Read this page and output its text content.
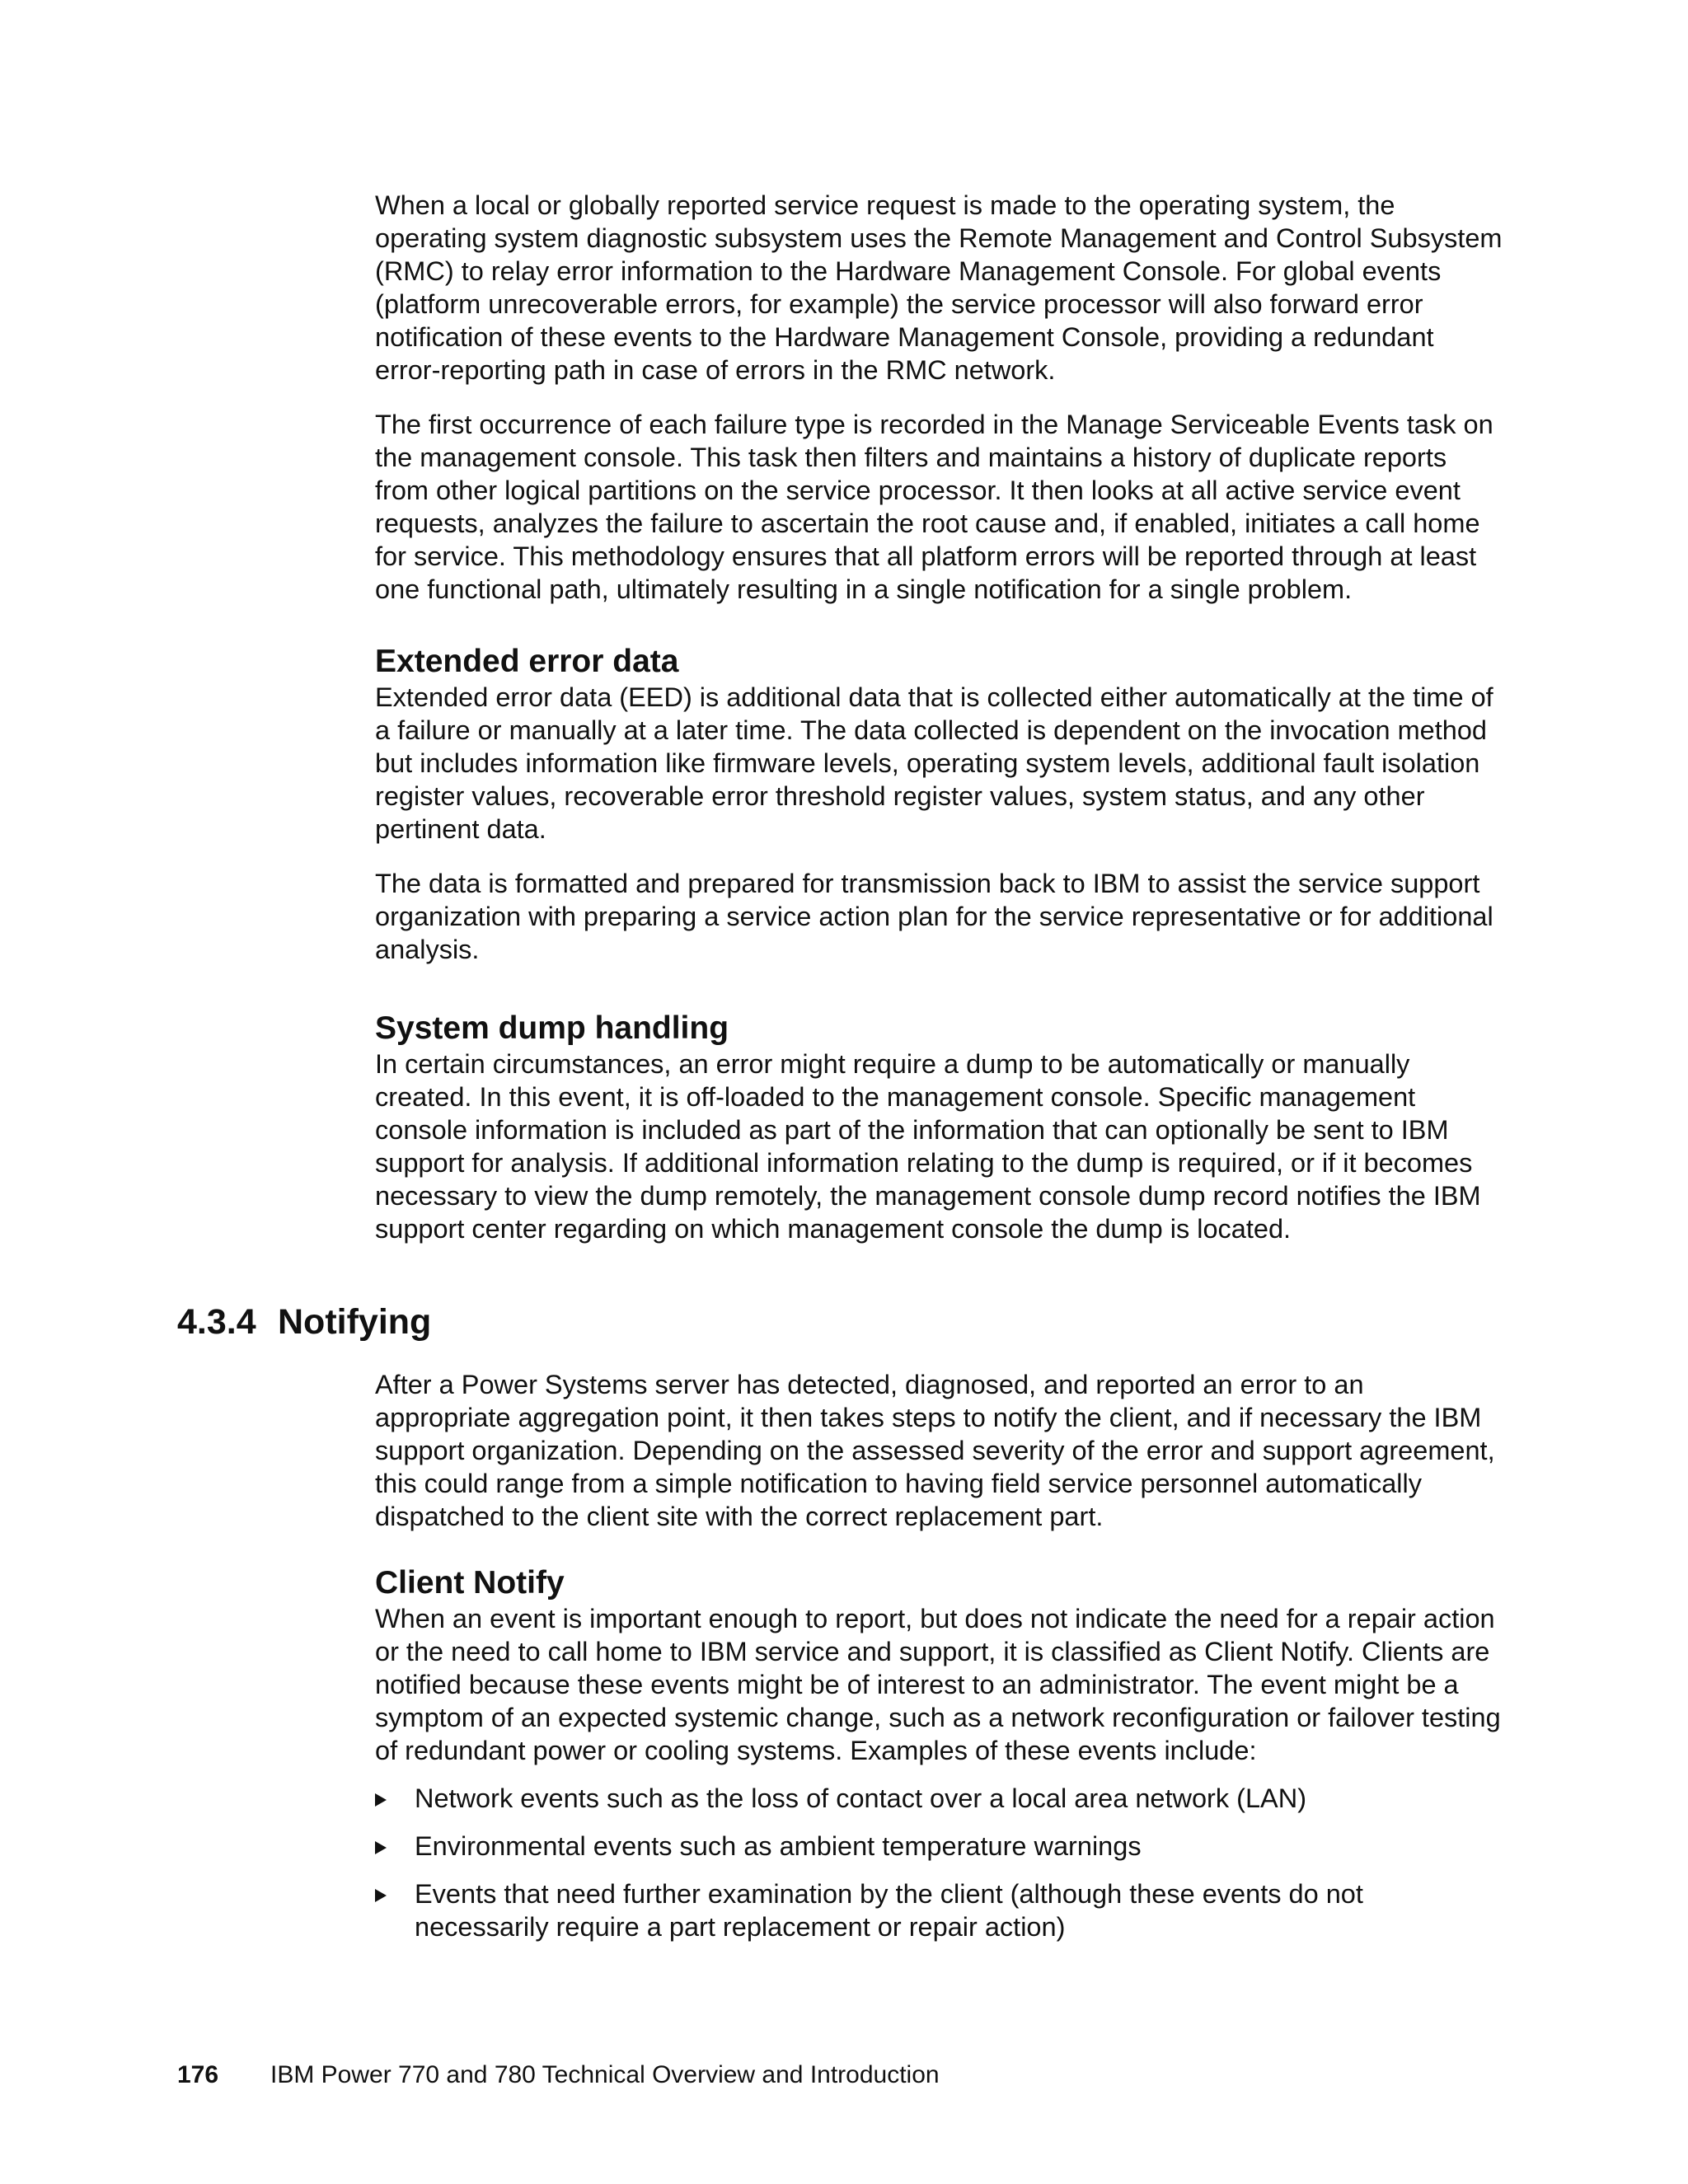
When a local or globally reported service request is made to the operating system, the operating system diagnostic subsystem uses the Remote Management and Control Subsystem (RMC) to relay error information to the Hardware Management Console. For global events (platform unrecoverable errors, for example) the service processor will also forward error notification of these events to the Hardware Management Console, providing a redundant error-reporting path in case of errors in the RMC network.

The first occurrence of each failure type is recorded in the Manage Serviceable Events task on the management console. This task then filters and maintains a history of duplicate reports from other logical partitions on the service processor. It then looks at all active service event requests, analyzes the failure to ascertain the root cause and, if enabled, initiates a call home for service. This methodology ensures that all platform errors will be reported through at least one functional path, ultimately resulting in a single notification for a single problem.

Extended error data

Extended error data (EED) is additional data that is collected either automatically at the time of a failure or manually at a later time. The data collected is dependent on the invocation method but includes information like firmware levels, operating system levels, additional fault isolation register values, recoverable error threshold register values, system status, and any other pertinent data.

The data is formatted and prepared for transmission back to IBM to assist the service support organization with preparing a service action plan for the service representative or for additional analysis.

System dump handling

In certain circumstances, an error might require a dump to be automatically or manually created. In this event, it is off-loaded to the management console. Specific management console information is included as part of the information that can optionally be sent to IBM support for analysis. If additional information relating to the dump is required, or if it becomes necessary to view the dump remotely, the management console dump record notifies the IBM support center regarding on which management console the dump is located.

4.3.4 Notifying

After a Power Systems server has detected, diagnosed, and reported an error to an appropriate aggregation point, it then takes steps to notify the client, and if necessary the IBM support organization. Depending on the assessed severity of the error and support agreement, this could range from a simple notification to having field service personnel automatically dispatched to the client site with the correct replacement part.

Client Notify

When an event is important enough to report, but does not indicate the need for a repair action or the need to call home to IBM service and support, it is classified as Client Notify. Clients are notified because these events might be of interest to an administrator. The event might be a symptom of an expected systemic change, such as a network reconfiguration or failover testing of redundant power or cooling systems. Examples of these events include:

Network events such as the loss of contact over a local area network (LAN)
Environmental events such as ambient temperature warnings
Events that need further examination by the client (although these events do not necessarily require a part replacement or repair action)
176 IBM Power 770 and 780 Technical Overview and Introduction
